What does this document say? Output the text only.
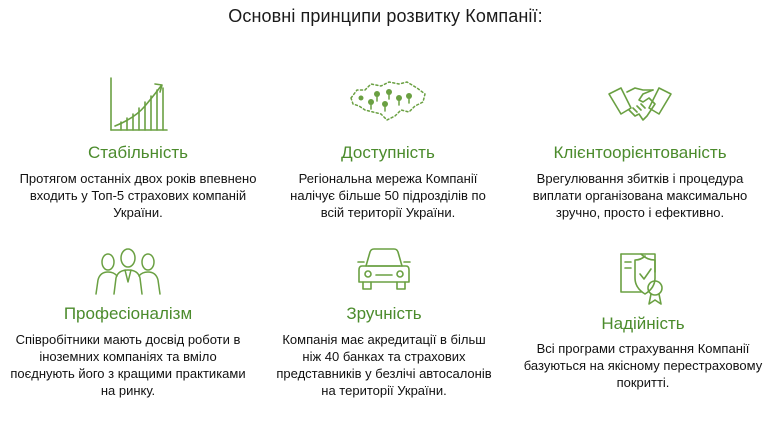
Основні принципи розвитку Компанії:
Стабільність
Протягом останніх двох років впевнено
входить у Топ-5 страхових компаній
України.
Доступність
Регіональна мережа Компанії
налічує більше 50 підрозділів по
всій території України.
Клієнтоорієнтованість
Врегулювання збитків і процедура
виплати організована максимально
зручно, просто і ефективно.
Професіоналізм
Співробітники мають досвід роботи в
іноземних компаніях та вміло
поєднують його з кращими практиками
на ринку.
Зручність
Компанія має акредитації в більш
ніж 40 банках та страхових
представників у безлічі автосалонів
на території України.
Надійність
Всі програми страхування Компанії
базуються на якісному перестраховому
покритті.
